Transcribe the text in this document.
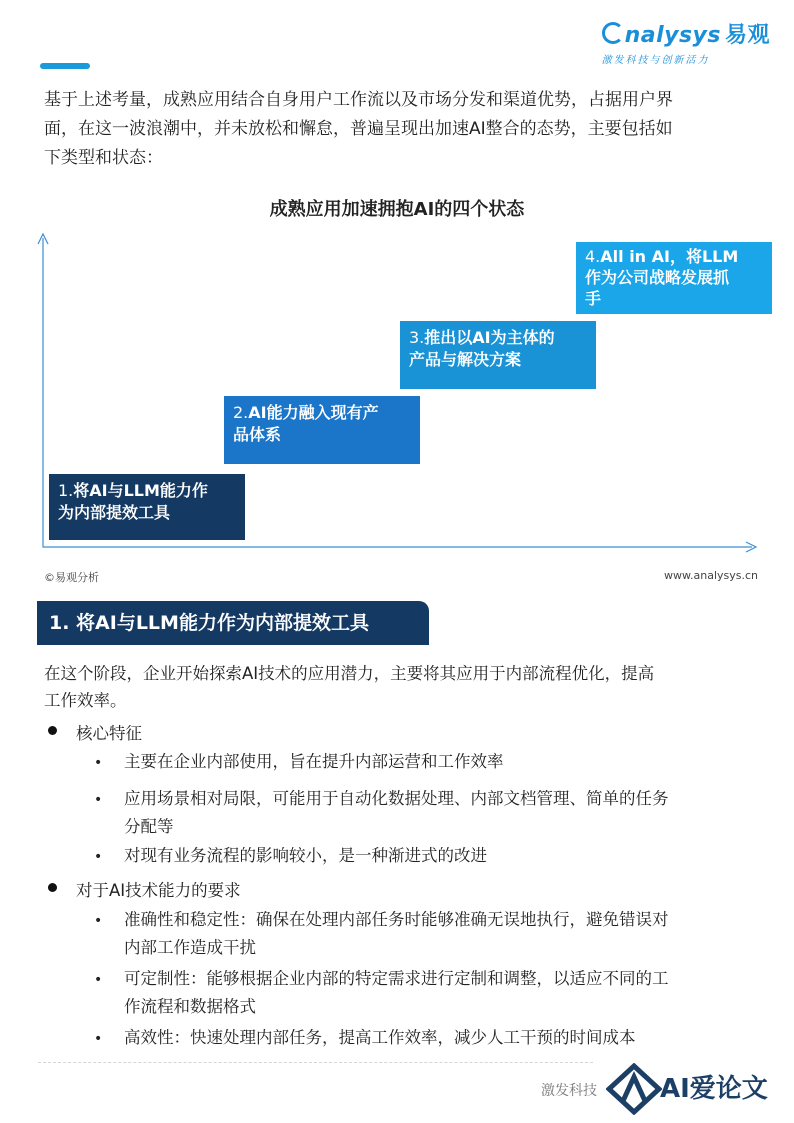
nalysys 易观
激发科技与创新活力
基于上述考量，成熟应用结合自身用户工作流以及市场分发和渠道优势，占据用户界
面，在这一波浪潮中，并未放松和懈怠，普遍呈现出加速AI整合的态势，主要包括如
下类型和状态：
成熟应用加速拥抱AI的四个状态
1.将AI与LLM能力作
为内部提效工具
2.AI能力融入现有产
品体系
3.推出以AI为主体的
产品与解决方案
4.All in AI，将LLM
作为公司战略发展抓
手
©易观分析	www.analysys.cn
1. 将AI与LLM能力作为内部提效工具
在这个阶段，企业开始探索AI技术的应用潜力，主要将其应用于内部流程优化，提高
工作效率。
核心特征
• 主要在企业内部使用，旨在提升内部运营和工作效率
• 应用场景相对局限，可能用于自动化数据处理、内部文档管理、简单的任务
分配等
• 对现有业务流程的影响较小，是一种渐进式的改进
对于AI技术能力的要求
• 准确性和稳定性：确保在处理内部任务时能够准确无误地执行，避免错误对
内部工作造成干扰
• 可定制性：能够根据企业内部的特定需求进行定制和调整，以适应不同的工
作流程和数据格式
• 高效性：快速处理内部任务，提高工作效率，减少人工干预的时间成本
激发科技 AI爱论文
